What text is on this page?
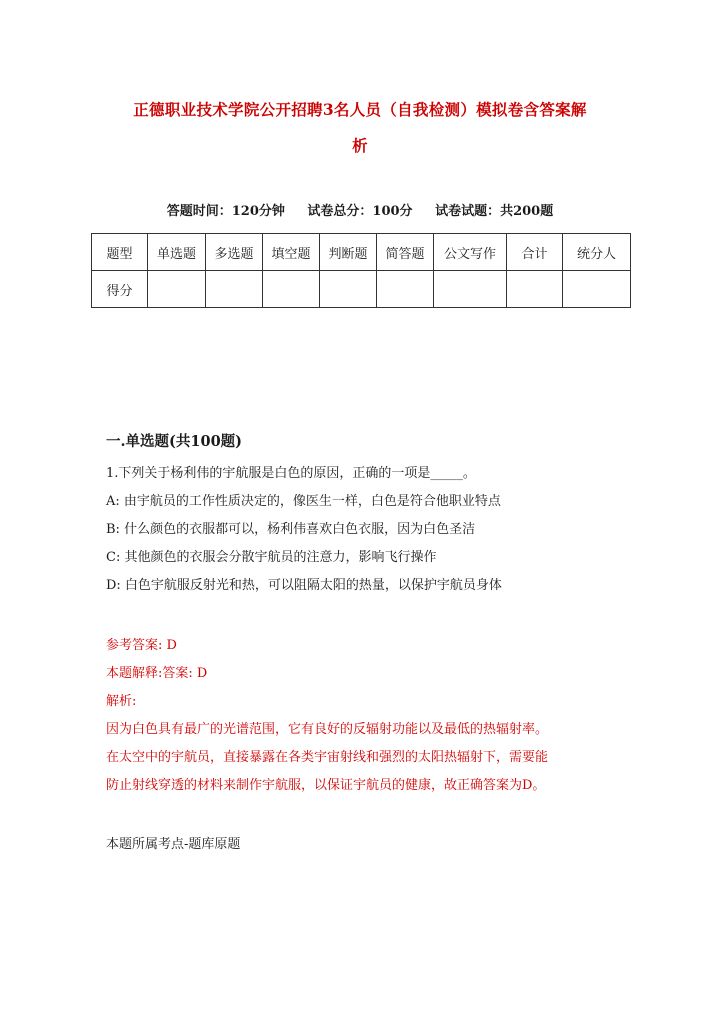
正德职业技术学院公开招聘3名人员（自我检测）模拟卷含答案解
析
答题时间：120分钟 试卷总分：100分 试卷试题：共200题
题型	单选题	多选题	填空题	判断题	简答题	公文写作	合计	统分人
得分								
一.单选题(共100题)
1.下列关于杨利伟的宇航服是白色的原因，正确的一项是_____。
A: 由宇航员的工作性质决定的，像医生一样，白色是符合他职业特点
B: 什么颜色的衣服都可以，杨利伟喜欢白色衣服，因为白色圣洁
C: 其他颜色的衣服会分散宇航员的注意力，影响飞行操作
D: 白色宇航服反射光和热，可以阻隔太阳的热量，以保护宇航员身体
参考答案: D
本题解释:答案: D
解析:
因为白色具有最广的光谱范围，它有良好的反辐射功能以及最低的热辐射率。
在太空中的宇航员，直接暴露在各类宇宙射线和强烈的太阳热辐射下，需要能
防止射线穿透的材料来制作宇航服，以保证宇航员的健康，故正确答案为D。
本题所属考点-题库原题
